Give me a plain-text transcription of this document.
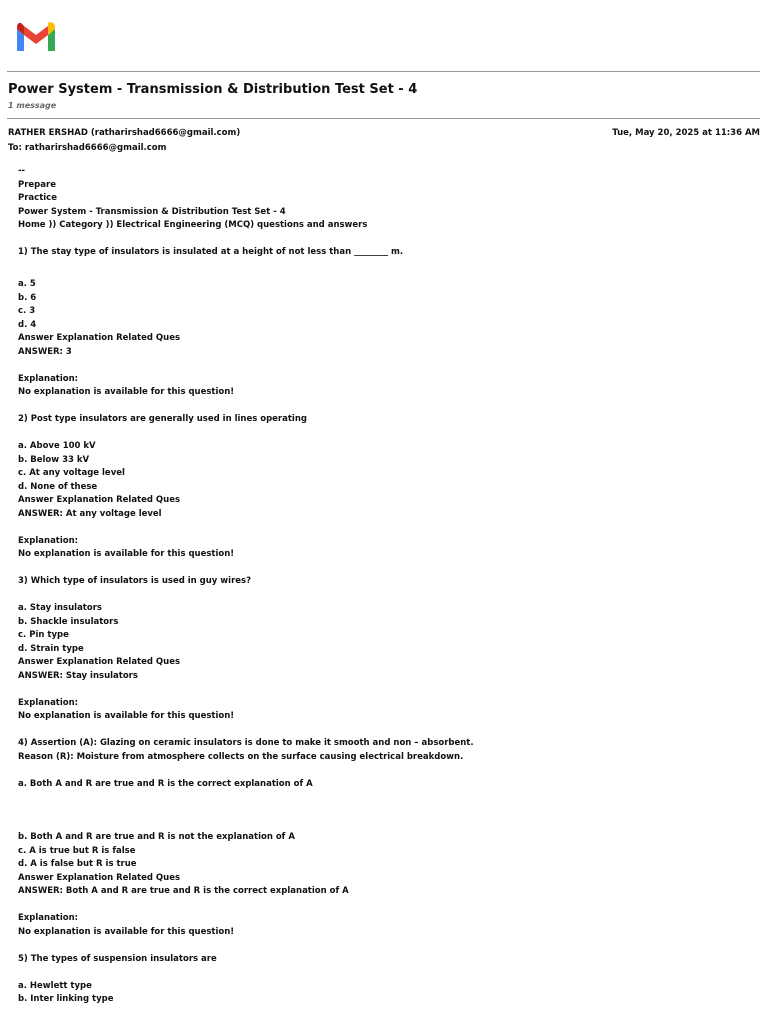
Power System - Transmission & Distribution Test Set - 4
1 message
RATHER ERSHAD (ratharirshad6666@gmail.com)	Tue, May 20, 2025 at 11:36 AM
To: ratharirshad6666@gmail.com
--
Prepare
Practice
Power System - Transmission & Distribution Test Set - 4
Home )) Category )) Electrical Engineering (MCQ) questions and answers
1) The stay type of insulators is insulated at a height of not less than ________ m.
a. 5
b. 6
c. 3
d. 4
Answer Explanation Related Ques
ANSWER: 3
Explanation:
No explanation is available for this question!
2) Post type insulators are generally used in lines operating
a. Above 100 kV
b. Below 33 kV
c. At any voltage level
d. None of these
Answer Explanation Related Ques
ANSWER: At any voltage level
Explanation:
No explanation is available for this question!
3) Which type of insulators is used in guy wires?
a. Stay insulators
b. Shackle insulators
c. Pin type
d. Strain type
Answer Explanation Related Ques
ANSWER: Stay insulators
Explanation:
No explanation is available for this question!
4) Assertion (A): Glazing on ceramic insulators is done to make it smooth and non – absorbent.
Reason (R): Moisture from atmosphere collects on the surface causing electrical breakdown.
a. Both A and R are true and R is the correct explanation of A
b. Both A and R are true and R is not the explanation of A
c. A is true but R is false
d. A is false but R is true
Answer Explanation Related Ques
ANSWER: Both A and R are true and R is the correct explanation of A
Explanation:
No explanation is available for this question!
5) The types of suspension insulators are
a. Hewlett type
b. Inter linking type
